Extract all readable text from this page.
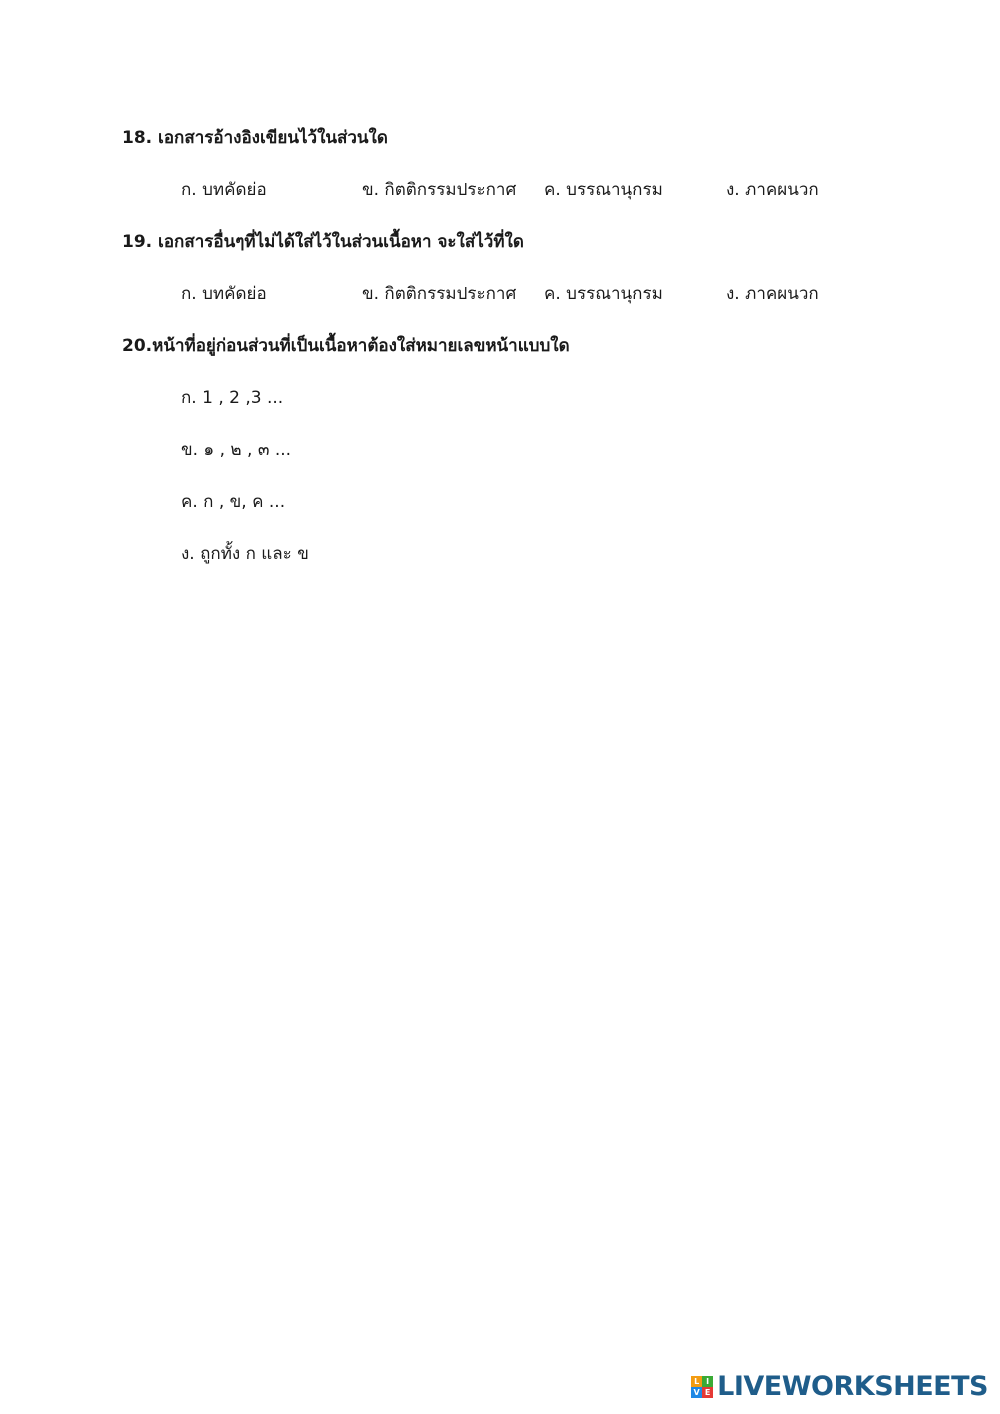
18. เอกสารอ้างอิงเขียนไว้ในส่วนใด
ก. บทคัดย่อ	ข. กิตติกรรมประกาศ ค. บรรณานุกรม	ง. ภาคผนวก
19. เอกสารอื่นๆที่ไม่ได้ใส่ไว้ในส่วนเนื้อหา จะใส่ไว้ที่ใด
ก. บทคัดย่อ	ข. กิตติกรรมประกาศ ค. บรรณานุกรม	ง. ภาคผนวก
20.หน้าที่อยู่ก่อนส่วนที่เป็นเนื้อหาต้องใส่หมายเลขหน้าแบบใด
ก. 1 , 2 ,3 ...
ข. ๑ , ๒ , ๓ ...
ค. ก , ข, ค ...
ง. ถูกทั้ง ก และ ข
L I
V E LIVEWORKSHEETS
